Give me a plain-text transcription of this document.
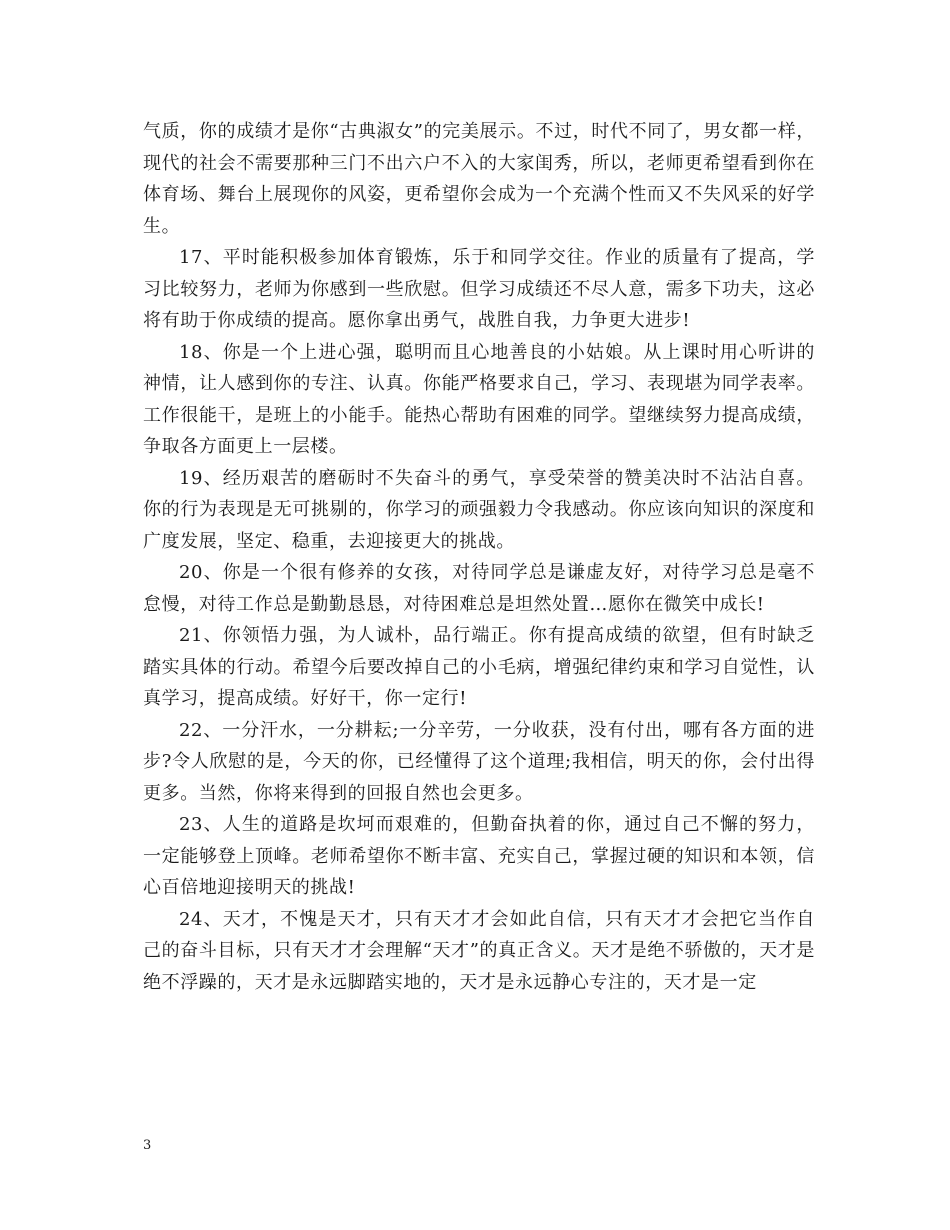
气质，你的成绩才是你“古典淑女”的完美展示。不过，时代不同了，男女都一样，现代的社会不需要那种三门不出六户不入的大家闺秀，所以，老师更希望看到你在体育场、舞台上展现你的风姿，更希望你会成为一个充满个性而又不失风采的好学生。

17、平时能积极参加体育锻炼，乐于和同学交往。作业的质量有了提高，学习比较努力，老师为你感到一些欣慰。但学习成绩还不尽人意，需多下功夫，这必将有助于你成绩的提高。愿你拿出勇气，战胜自我，力争更大进步!

18、你是一个上进心强，聪明而且心地善良的小姑娘。从上课时用心听讲的神情，让人感到你的专注、认真。你能严格要求自己，学习、表现堪为同学表率。工作很能干，是班上的小能手。能热心帮助有困难的同学。望继续努力提高成绩，争取各方面更上一层楼。

19、经历艰苦的磨砺时不失奋斗的勇气，享受荣誉的赞美决时不沾沾自喜。你的行为表现是无可挑剔的，你学习的顽强毅力令我感动。你应该向知识的深度和广度发展，坚定、稳重，去迎接更大的挑战。

20、你是一个很有修养的女孩，对待同学总是谦虚友好，对待学习总是毫不怠慢，对待工作总是勤勤恳恳，对待困难总是坦然处置…愿你在微笑中成长!

21、你领悟力强，为人诚朴，品行端正。你有提高成绩的欲望，但有时缺乏踏实具体的行动。希望今后要改掉自己的小毛病，增强纪律约束和学习自觉性，认真学习，提高成绩。好好干，你一定行!

22、一分汗水，一分耕耘;一分辛劳，一分收获，没有付出，哪有各方面的进步?令人欣慰的是，今天的你，已经懂得了这个道理;我相信，明天的你，会付出得更多。当然，你将来得到的回报自然也会更多。

23、人生的道路是坎坷而艰难的，但勤奋执着的你，通过自己不懈的努力，一定能够登上顶峰。老师希望你不断丰富、充实自己，掌握过硬的知识和本领，信心百倍地迎接明天的挑战!

24、天才，不愧是天才，只有天才才会如此自信，只有天才才会把它当作自己的奋斗目标，只有天才才会理解“天才”的真正含义。天才是绝不骄傲的，天才是绝不浮躁的，天才是永远脚踏实地的，天才是永远静心专注的，天才是一定

3
